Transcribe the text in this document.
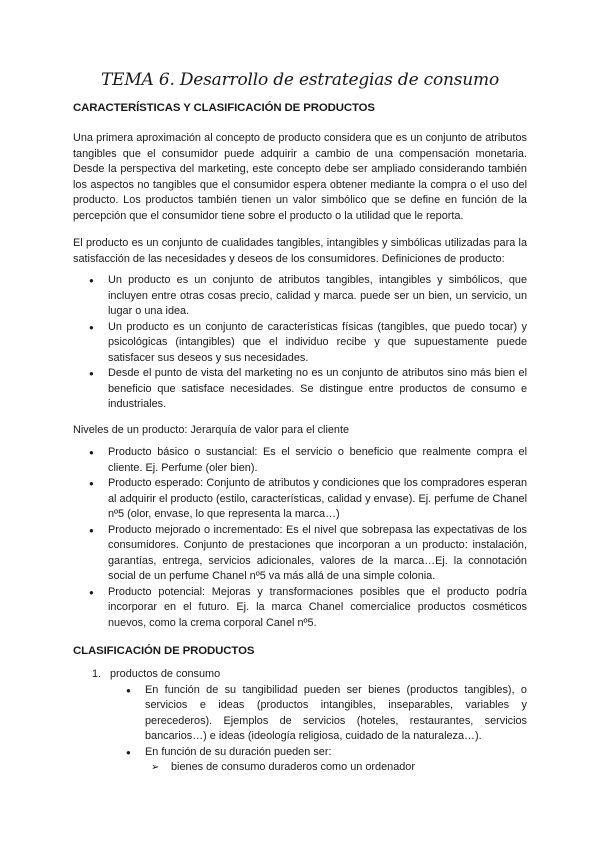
TEMA 6. Desarrollo de estrategias de consumo
CARACTERÍSTICAS Y CLASIFICACIÓN DE PRODUCTOS

Una primera aproximación al concepto de producto considera que es un conjunto de atributos tangibles que el consumidor puede adquirir a cambio de una compensación monetaria. Desde la perspectiva del marketing, este concepto debe ser ampliado considerando también los aspectos no tangibles que el consumidor espera obtener mediante la compra o el uso del producto. Los productos también tienen un valor simbólico que se define en función de la percepción que el consumidor tiene sobre el producto o la utilidad que le reporta.

El producto es un conjunto de cualidades tangibles, intangibles y simbólicas utilizadas para la satisfacción de las necesidades y deseos de los consumidores. Definiciones de producto:

● Un producto es un conjunto de atributos tangibles, intangibles y simbólicos, que incluyen entre otras cosas precio, calidad y marca. puede ser un bien, un servicio, un lugar o una idea.
● Un producto es un conjunto de características físicas (tangibles, que puedo tocar) y psicológicas (intangibles) que el individuo recibe y que supuestamente puede satisfacer sus deseos y sus necesidades.
● Desde el punto de vista del marketing no es un conjunto de atributos sino más bien el beneficio que satisface necesidades. Se distingue entre productos de consumo e industriales.

Niveles de un producto: Jerarquía de valor para el cliente

● Producto básico o sustancial: Es el servicio o beneficio que realmente compra el cliente. Ej. Perfume (oler bien).
● Producto esperado: Conjunto de atributos y condiciones que los compradores esperan al adquirir el producto (estilo, características, calidad y envase). Ej. perfume de Chanel nº5 (olor, envase, lo que representa la marca…)
● Producto mejorado o incrementado: Es el nivel que sobrepasa las expectativas de los consumidores. Conjunto de prestaciones que incorporan a un producto: instalación, garantías, entrega, servicios adicionales, valores de la marca…Ej. la connotación social de un perfume Chanel nº5 va más allá de una simple colonia.
● Producto potencial: Mejoras y transformaciones posibles que el producto podría incorporar en el futuro. Ej. la marca Chanel comercialice productos cosméticos nuevos, como la crema corporal Canel nº5.
CLASIFICACIÓN DE PRODUCTOS
1. productos de consumo
● En función de su tangibilidad pueden ser bienes (productos tangibles), o servicios e ideas (productos intangibles, inseparables, variables y perecederos). Ejemplos de servicios (hoteles, restaurantes, servicios bancarios…) e ideas (ideología religiosa, cuidado de la naturaleza…).
● En función de su duración pueden ser:
➢ bienes de consumo duraderos como un ordenador
